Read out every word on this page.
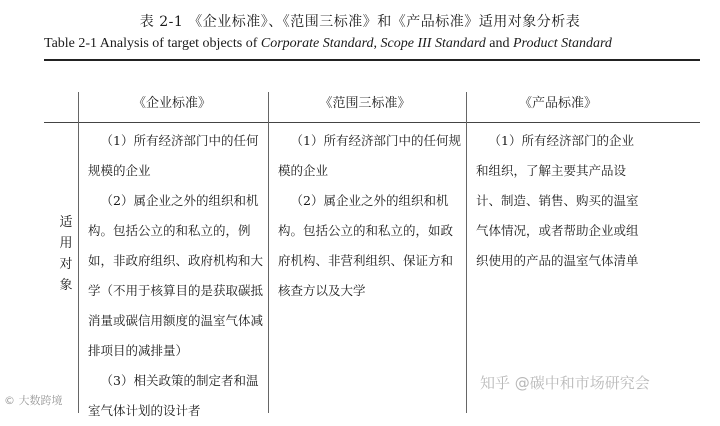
表 2-1 《企业标准》、《范围三标准》和《产品标准》适用对象分析表
Table 2-1 Analysis of target objects of Corporate Standard, Scope III Standard and Product Standard
《企业标准》	《范围三标准》	《产品标准》
适
用
对
象

（1）所有经济部门中的任何规模的企业

（2）属企业之外的组织和机构。包括公立的和私立的，例如，非政府组织、政府机构和大学（不用于核算目的是获取碳抵消量或碳信用额度的温室气体减排项目的减排量）

（3）相关政策的制定者和温室气体计划的设计者

（1）所有经济部门中的任何规模的企业

（2）属企业之外的组织和机构。包括公立的和私立的，如政府机构、非营利组织、保证方和核查方以及大学

（1）所有经济部门的企业和组织，了解主要其产品设计、制造、销售、购买的温室气体情况，或者帮助企业或组织使用的产品的温室气体清单

© 大数跨境
知乎 @碳中和市场研究会
